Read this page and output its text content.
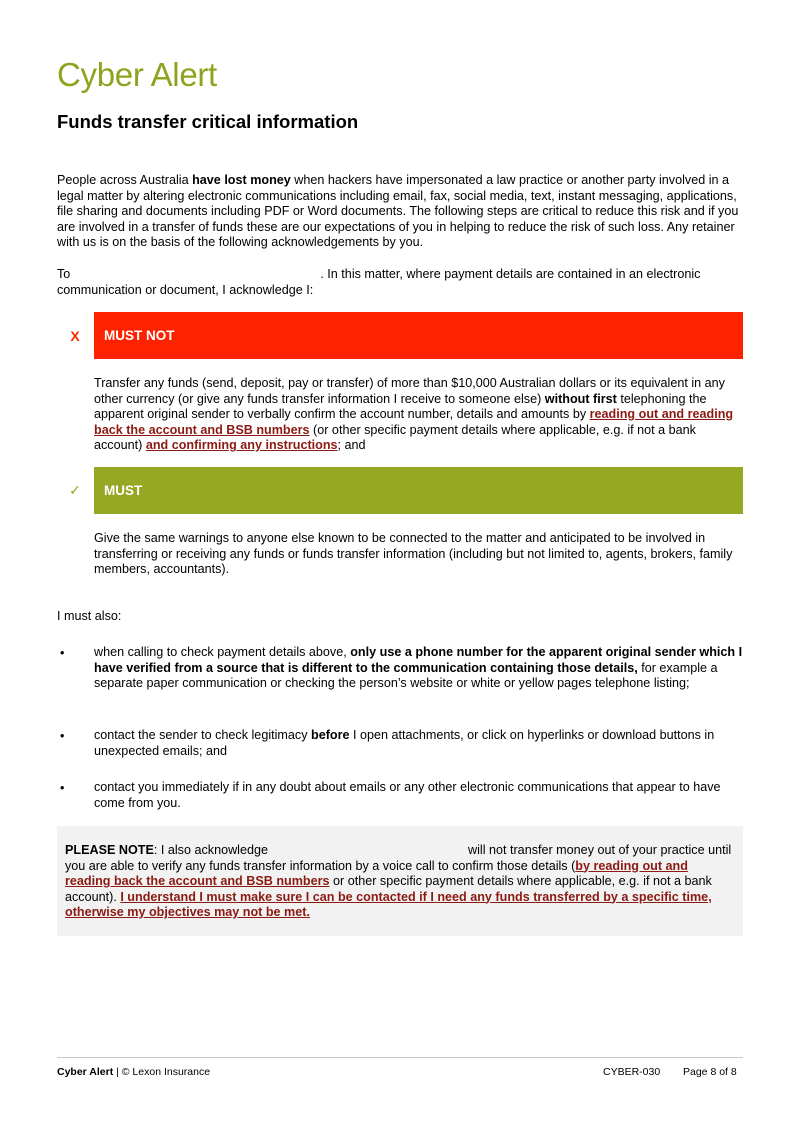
Cyber Alert
Funds transfer critical information
People across Australia have lost money when hackers have impersonated a law practice or another party involved in a legal matter by altering electronic communications including email, fax, social media, text, instant messaging, applications, file sharing and documents including PDF or Word documents. The following steps are critical to reduce this risk and if you are involved in a transfer of funds these are our expectations of you in helping to reduce the risk of such loss. Any retainer with us is on the basis of the following acknowledgements by you.
To	. In this matter, where payment details are contained in an electronic communication or document, I acknowledge I:
X	MUST NOT
Transfer any funds (send, deposit, pay or transfer) of more than $10,000 Australian dollars or its equivalent in any other currency (or give any funds transfer information I receive to someone else) without first telephoning the apparent original sender to verbally confirm the account number, details and amounts by reading out and reading back the account and BSB numbers (or other specific payment details where applicable, e.g. if not a bank account) and confirming any instructions; and
✓	MUST
Give the same warnings to anyone else known to be connected to the matter and anticipated to be involved in transferring or receiving any funds or funds transfer information (including but not limited to, agents, brokers, family members, accountants).
I must also:
• when calling to check payment details above, only use a phone number for the apparent original sender which I have verified from a source that is different to the communication containing those details, for example a separate paper communication or checking the person’s website or white or yellow pages telephone listing;
• contact the sender to check legitimacy before I open attachments, or click on hyperlinks or download buttons in unexpected emails; and
• contact you immediately if in any doubt about emails or any other electronic communications that appear to have come from you.
PLEASE NOTE: I also acknowledge	will not transfer money out of your practice until you are able to verify any funds transfer information by a voice call to confirm those details (by reading out and reading back the account and BSB numbers or other specific payment details where applicable, e.g. if not a bank account). I understand I must make sure I can be contacted if I need any funds transferred by a specific time, otherwise my objectives may not be met.
Cyber Alert | © Lexon Insurance	CYBER-030 Page 8 of 8
